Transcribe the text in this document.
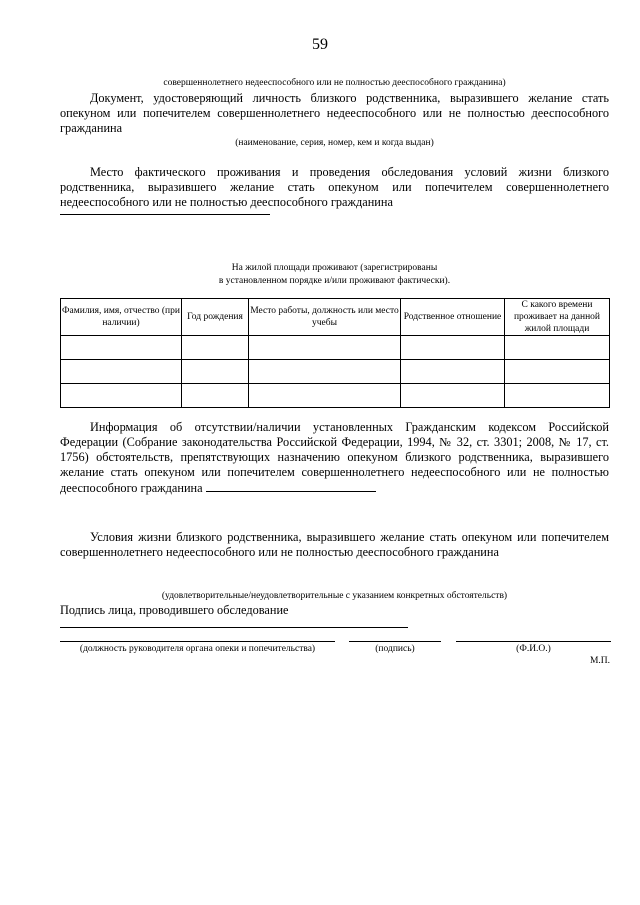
59
совершеннолетнего недееспособного или не полностью дееспособного гражданина)
Документ, удостоверяющий личность близкого родственника, выразившего желание стать опекуном или попечителем совершеннолетнего недееспособного или не полностью дееспособного гражданина
(наименование, серия, номер, кем и когда выдан)
Место фактического проживания и проведения обследования условий жизни близкого родственника, выразившего желание стать опекуном или попечителем совершеннолетнего недееспособного или не полностью дееспособного гражданина
На жилой площади проживают (зарегистрированы
в установленном порядке и/или проживают фактически).
Фамилия, имя, отчество (при наличии)	Год рождения	Место работы, должность или место учебы	Родственное отношение	С какого времени проживает на данной жилой площади

Информация об отсутствии/наличии установленных Гражданским кодексом Российской Федерации (Собрание законодательства Российской Федерации, 1994, № 32, ст. 3301; 2008, № 17, ст. 1756) обстоятельств, препятствующих назначению опекуном близкого родственника, выразившего желание стать опекуном или попечителем совершеннолетнего недееспособного или не полностью дееспособного гражданина
Условия жизни близкого родственника, выразившего желание стать опекуном или попечителем совершеннолетнего недееспособного или не полностью дееспособного гражданина
(удовлетворительные/неудовлетворительные с указанием конкретных обстоятельств)
Подпись лица, проводившего обследование
(должность руководителя органа опеки и попечительства)	(подпись)	(Ф.И.О.)
М.П.
